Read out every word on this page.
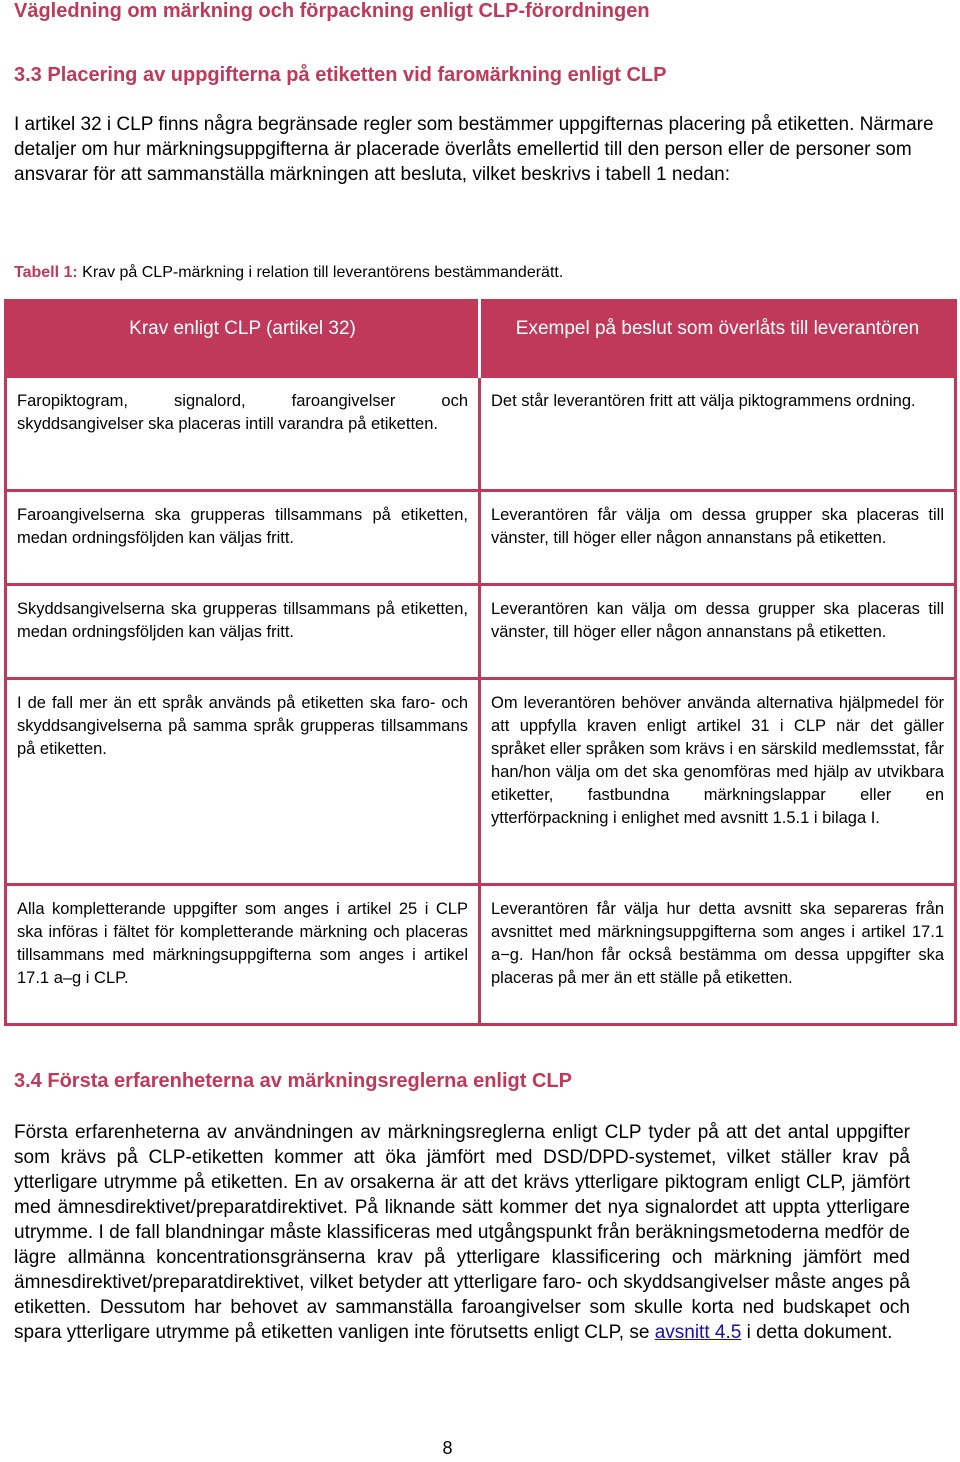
Vägledning om märkning och förpackning enligt CLP-förordningen
3.3 Placering av uppgifterna på etiketten vid farомärkning enligt CLP

I artikel 32 i CLP finns några begränsade regler som bestämmer uppgifternas placering på etiketten. Närmare detaljer om hur märkningsuppgifterna är placerade överlåts emellertid till den person eller de personer som ansvarar för att sammanställa märkningen att besluta, vilket beskrivs i tabell 1 nedan:

Tabell 1: Krav på CLP-märkning i relation till leverantörens bestämmanderätt.
Krav enligt CLP (artikel 32)	Exempel på beslut som överlåts till leverantören
Faropiktogram, signalord, faroangivelser och skyddsangivelser ska placeras intill varandra på etiketten.	Det står leverantören fritt att välja piktogrammens ordning.
Faroangivelserna ska grupperas tillsammans på etiketten, medan ordningsföljden kan väljas fritt.	Leverantören får välja om dessa grupper ska placeras till vänster, till höger eller någon annanstans på etiketten.
Skyddsangivelserna ska grupperas tillsammans på etiketten, medan ordningsföljden kan väljas fritt.	Leverantören kan välja om dessa grupper ska placeras till vänster, till höger eller någon annanstans på etiketten.
I de fall mer än ett språk används på etiketten ska faro- och skyddsangivelserna på samma språk grupperas tillsammans på etiketten.	Om leverantören behöver använda alternativa hjälpmedel för att uppfylla kraven enligt artikel 31 i CLP när det gäller språket eller språken som krävs i en särskild medlemsstat, får han/hon välja om det ska genomföras med hjälp av utvikbara etiketter, fastbundna märkningslappar eller en ytterförpackning i enlighet med avsnitt 1.5.1 i bilaga I.
Alla kompletterande uppgifter som anges i artikel 25 i CLP ska införas i fältet för kompletterande märkning och placeras tillsammans med märkningsuppgifterna som anges i artikel 17.1 a–g i CLP.	Leverantören får välja hur detta avsnitt ska separeras från avsnittet med märkningsuppgifterna som anges i artikel 17.1 a−g. Han/hon får också bestämma om dessa uppgifter ska placeras på mer än ett ställe på etiketten.
3.4 Första erfarenheterna av märkningsreglerna enligt CLP

Första erfarenheterna av användningen av märkningsreglerna enligt CLP tyder på att det antal uppgifter som krävs på CLP-etiketten kommer att öka jämfört med DSD/DPD-systemet, vilket ställer krav på ytterligare utrymme på etiketten. En av orsakerna är att det krävs ytterligare piktogram enligt CLP, jämfört med ämnesdirektivet/preparatdirektivet. På liknande sätt kommer det nya signalordet att uppta ytterligare utrymme. I de fall blandningar måste klassificeras med utgångspunkt från beräkningsmetoderna medför de lägre allmänna koncentrationsgränserna krav på ytterligare klassificering och märkning jämfört med ämnesdirektivet/preparatdirektivet, vilket betyder att ytterligare faro- och skyddsangivelser måste anges på etiketten. Dessutom har behovet av sammanställa faroangivelser som skulle korta ned budskapet och spara ytterligare utrymme på etiketten vanligen inte förutsetts enligt CLP, se avsnitt 4.5 i detta dokument.

8
